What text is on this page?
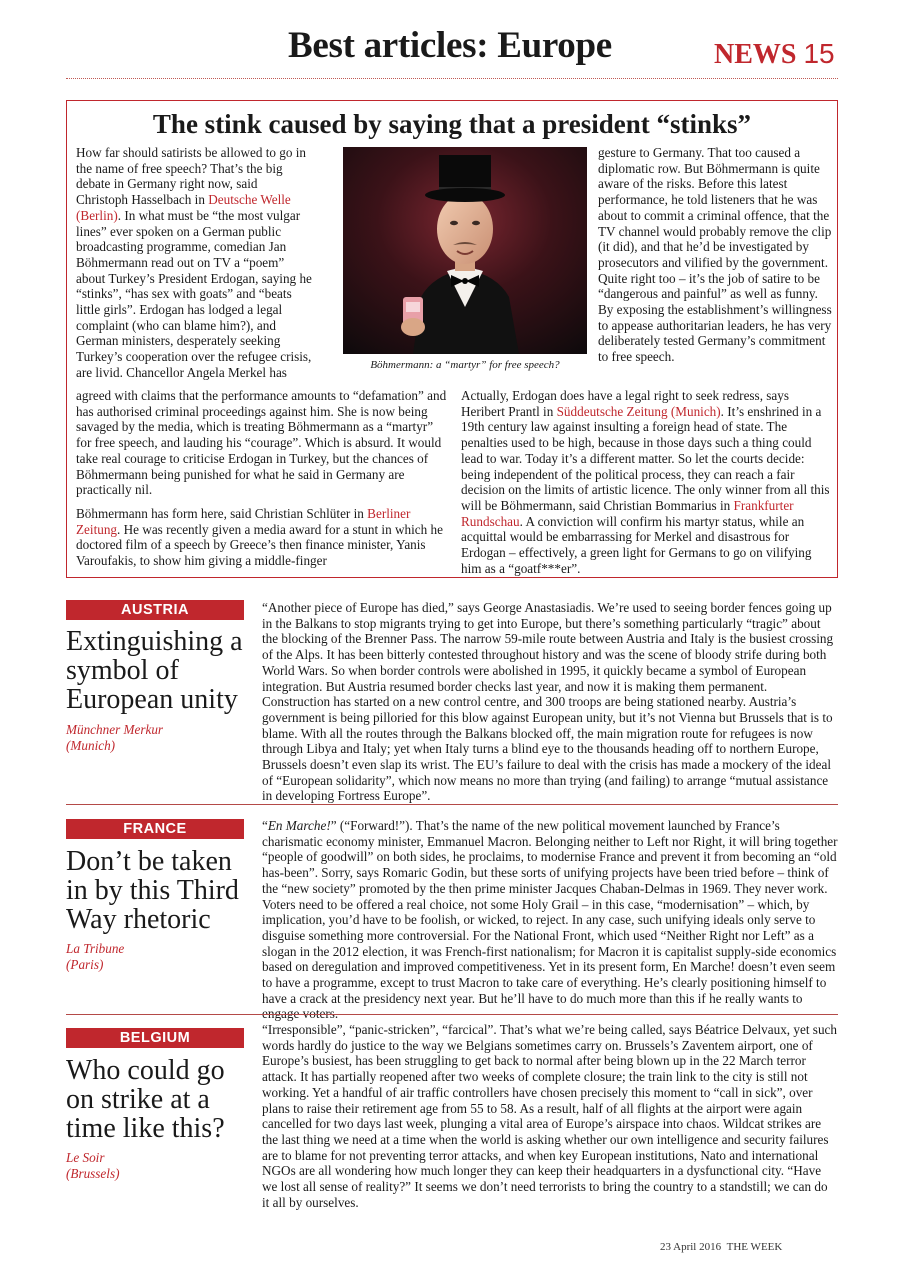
Best articles: Europe	NEWS 15
The stink caused by saying that a president “stinks”

How far should satirists be allowed to go in the name of free speech? That’s the big debate in Germany right now, said Christoph Hasselbach in Deutsche Welle (Berlin). In what must be “the most vulgar lines” ever spoken on a German public broadcasting programme, comedian Jan Böhmermann read out on TV a “poem” about Turkey’s President Erdogan, saying he “stinks”, “has sex with goats” and “beats little girls”. Erdogan has lodged a legal complaint (who can blame him?), and German ministers, desperately seeking Turkey’s cooperation over the refugee crisis, are livid. Chancellor Angela Merkel has	Böhmermann: a “martyr” for free speech?

gesture to Germany. That too caused a diplomatic row. But Böhmermann is quite aware of the risks. Before this latest performance, he told listeners that he was about to commit a criminal offence, that the TV channel would probably remove the clip (it did), and that he’d be investigated by prosecutors and vilified by the government. Quite right too – it’s the job of satire to be “dangerous and painful” as well as funny. By exposing the establishment’s willingness to appease authoritarian leaders, he has very deliberately tested Germany’s commitment to free speech.

agreed with claims that the performance amounts to “defamation” and has authorised criminal proceedings against him. She is now being savaged by the media, which is treating Böhmermann as a “martyr” for free speech, and lauding his “courage”. Which is absurd. It would take real courage to criticise Erdogan in Turkey, but the chances of Böhmermann being punished for what he said in Germany are practically nil.

Böhmermann has form here, said Christian Schlüter in Berliner Zeitung. He was recently given a media award for a stunt in which he doctored film of a speech by Greece’s then finance minister, Yanis Varoufakis, to show him giving a middle-finger

Actually, Erdogan does have a legal right to seek redress, says Heribert Prantl in Süddeutsche Zeitung (Munich). It’s enshrined in a 19th century law against insulting a foreign head of state. The penalties used to be high, because in those days such a thing could lead to war. Today it’s a different matter. So let the courts decide: being independent of the political process, they can reach a fair decision on the limits of artistic licence. The only winner from all this will be Böhmermann, said Christian Bommarius in Frankfurter Rundschau. A conviction will confirm his martyr status, while an acquittal would be embarrassing for Merkel and disastrous for Erdogan – effectively, a green light for Germans to go on vilifying him as a “goatf***er”.

AUSTRIA
Extinguishing a symbol of European unity
Münchner Merkur
(Munich)

“Another piece of Europe has died,” says George Anastasiadis. We’re used to seeing border fences going up in the Balkans to stop migrants trying to get into Europe, but there’s something particularly “tragic” about the blocking of the Brenner Pass. The narrow 59-mile route between Austria and Italy is the busiest crossing of the Alps. It has been bitterly contested throughout history and was the scene of bloody strife during both World Wars. So when border controls were abolished in 1995, it quickly became a symbol of European integration. But Austria resumed border checks last year, and now it is making them permanent. Construction has started on a new control centre, and 300 troops are being stationed nearby. Austria’s government is being pilloried for this blow against European unity, but it’s not Vienna but Brussels that is to blame. With all the routes through the Balkans blocked off, the main migration route for refugees is now through Libya and Italy; yet when Italy turns a blind eye to the thousands heading off to northern Europe, Brussels doesn’t even slap its wrist. The EU’s failure to deal with the crisis has made a mockery of the ideal of “European solidarity”, which now means no more than trying (and failing) to arrange “mutual assistance in developing Fortress Europe”.

FRANCE
Don’t be taken in by this Third Way rhetoric
La Tribune
(Paris)

“En Marche!” (“Forward!”). That’s the name of the new political movement launched by France’s charismatic economy minister, Emmanuel Macron. Belonging neither to Left nor Right, it will bring together “people of goodwill” on both sides, he proclaims, to modernise France and prevent it from becoming an “old has-been”. Sorry, says Romaric Godin, but these sorts of unifying projects have been tried before – think of the “new society” promoted by the then prime minister Jacques Chaban-Delmas in 1969. They never work. Voters need to be offered a real choice, not some Holy Grail – in this case, “modernisation” – which, by implication, you’d have to be foolish, or wicked, to reject. In any case, such unifying ideals only serve to disguise something more controversial. For the National Front, which used “Neither Right nor Left” as a slogan in the 2012 election, it was French-first nationalism; for Macron it is capitalist supply-side economics based on deregulation and improved competitiveness. Yet in its present form, En Marche! doesn’t even seem to have a programme, except to trust Macron to take care of everything. He’s clearly positioning himself to have a crack at the presidency next year. But he’ll have to do much more than this if he really wants to engage voters.

BELGIUM
Who could go on strike at a time like this?
Le Soir
(Brussels)

“Irresponsible”, “panic-stricken”, “farcical”. That’s what we’re being called, says Béatrice Delvaux, yet such words hardly do justice to the way we Belgians sometimes carry on. Brussels’s Zaventem airport, one of Europe’s busiest, has been struggling to get back to normal after being blown up in the 22 March terror attack. It has partially reopened after two weeks of complete closure; the train link to the city is still not working. Yet a handful of air traffic controllers have chosen precisely this moment to “call in sick”, over plans to raise their retirement age from 55 to 58. As a result, half of all flights at the airport were again cancelled for two days last week, plunging a vital area of Europe’s airspace into chaos. Wildcat strikes are the last thing we need at a time when the world is asking whether our own intelligence and security failures are to blame for not preventing terror attacks, and when key European institutions, Nato and international NGOs are all wondering how much longer they can keep their headquarters in a dysfunctional city. “Have we lost all sense of reality?” It seems we don’t need terrorists to bring the country to a standstill; we can do it all by ourselves.

23 April 2016 THE WEEK
